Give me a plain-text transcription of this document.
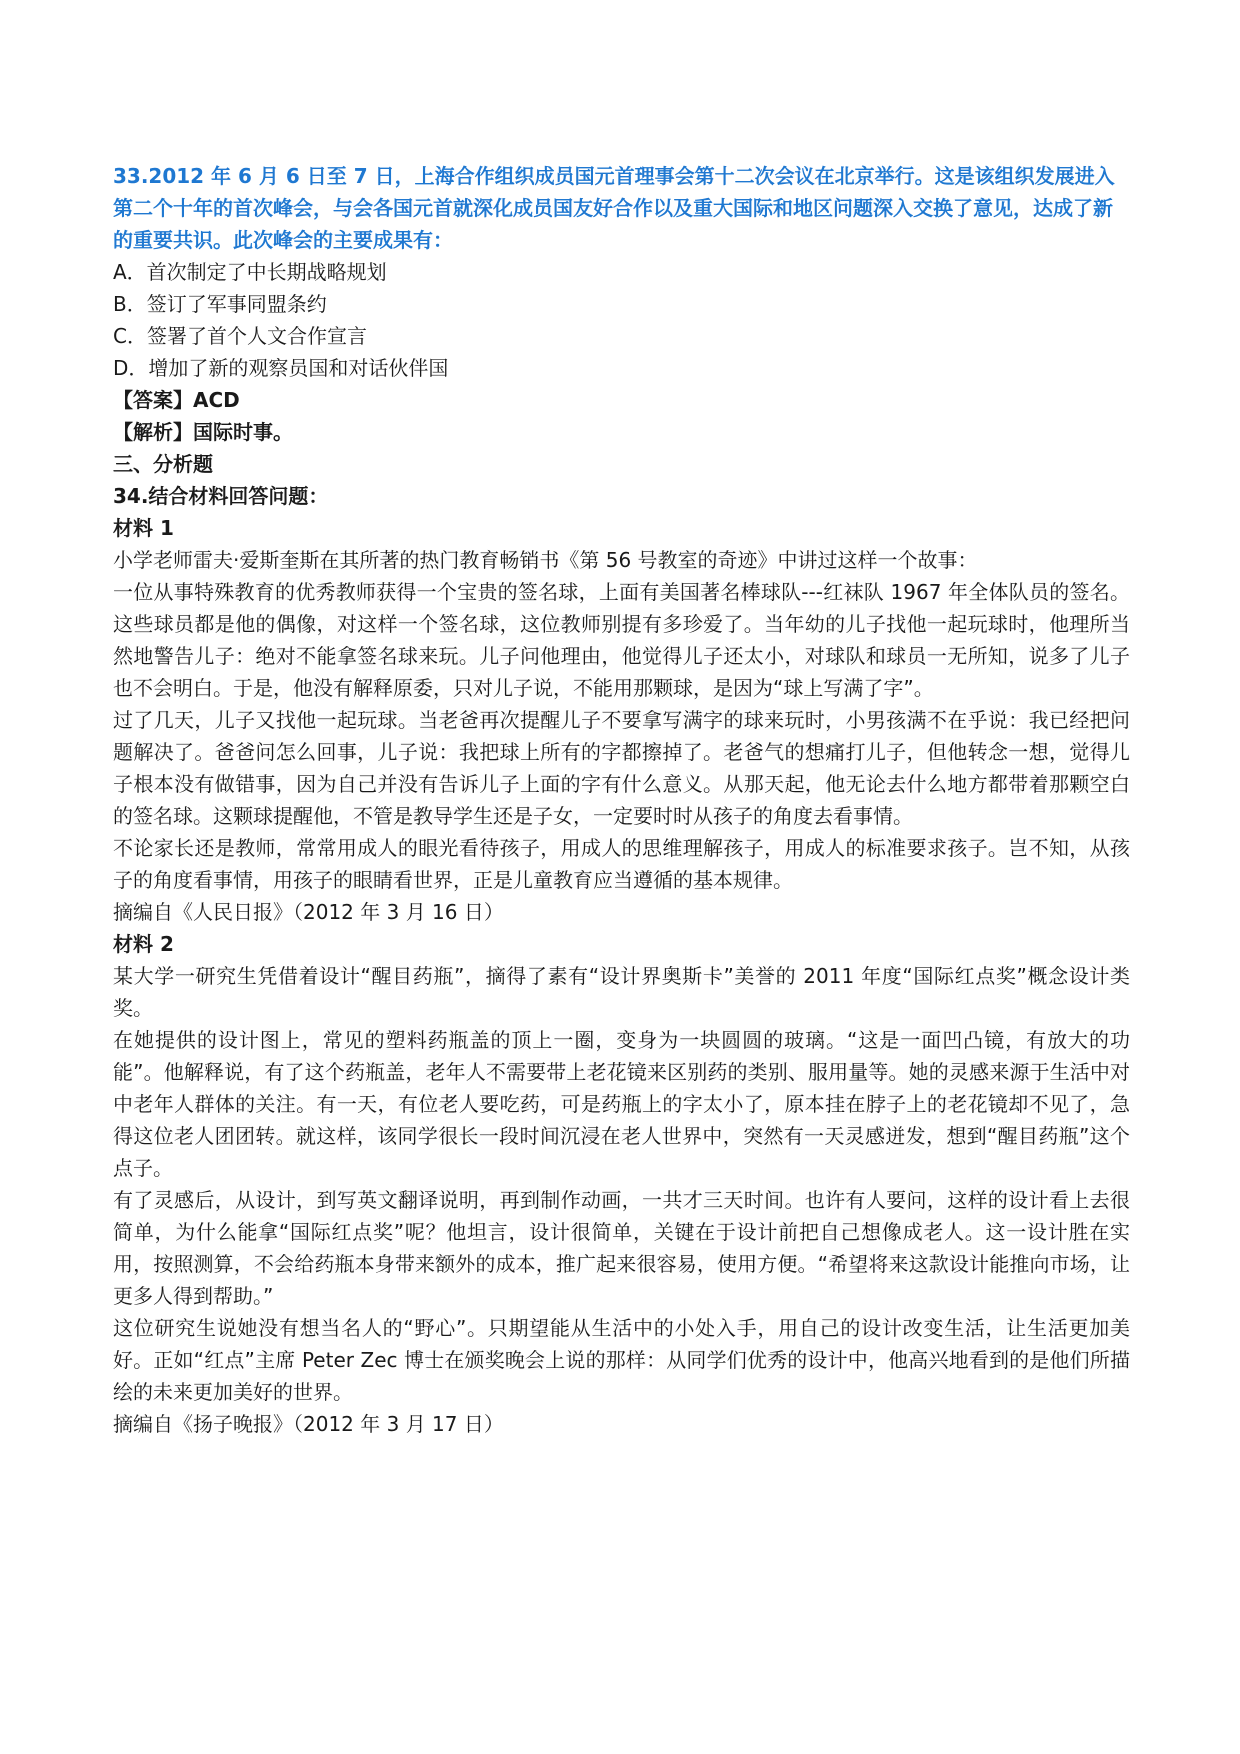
33.2012 年 6 月 6 日至 7 日，上海合作组织成员国元首理事会第十二次会议在北京举行。这是该组织发展进入第二个十年的首次峰会，与会各国元首就深化成员国友好合作以及重大国际和地区问题深入交换了意见，达成了新的重要共识。此次峰会的主要成果有：

A．首次制定了中长期战略规划

B．签订了军事同盟条约

C．签署了首个人文合作宣言

D．增加了新的观察员国和对话伙伴国

【答案】ACD

【解析】国际时事。

三、分析题

34.结合材料回答问题：

材料 1

小学老师雷夫·爱斯奎斯在其所著的热门教育畅销书《第 56 号教室的奇迹》中讲过这样一个故事：

一位从事特殊教育的优秀教师获得一个宝贵的签名球，上面有美国著名棒球队---红袜队 1967 年全体队员的签名。这些球员都是他的偶像，对这样一个签名球，这位教师别提有多珍爱了。当年幼的儿子找他一起玩球时，他理所当然地警告儿子：绝对不能拿签名球来玩。儿子问他理由，他觉得儿子还太小，对球队和球员一无所知，说多了儿子也不会明白。于是，他没有解释原委，只对儿子说，不能用那颗球，是因为“球上写满了字”。

过了几天，儿子又找他一起玩球。当老爸再次提醒儿子不要拿写满字的球来玩时，小男孩满不在乎说：我已经把问题解决了。爸爸问怎么回事，儿子说：我把球上所有的字都擦掉了。老爸气的想痛打儿子，但他转念一想，觉得儿子根本没有做错事，因为自己并没有告诉儿子上面的字有什么意义。从那天起，他无论去什么地方都带着那颗空白的签名球。这颗球提醒他，不管是教导学生还是子女，一定要时时从孩子的角度去看事情。

不论家长还是教师，常常用成人的眼光看待孩子，用成人的思维理解孩子，用成人的标准要求孩子。岂不知，从孩子的角度看事情，用孩子的眼睛看世界，正是儿童教育应当遵循的基本规律。

摘编自《人民日报》（2012 年 3 月 16 日）

材料 2

某大学一研究生凭借着设计“醒目药瓶”，摘得了素有“设计界奥斯卡”美誉的 2011 年度“国际红点奖”概念设计类奖。

在她提供的设计图上，常见的塑料药瓶盖的顶上一圈，变身为一块圆圆的玻璃。“这是一面凹凸镜，有放大的功能”。他解释说，有了这个药瓶盖，老年人不需要带上老花镜来区别药的类别、服用量等。她的灵感来源于生活中对中老年人群体的关注。有一天，有位老人要吃药，可是药瓶上的字太小了，原本挂在脖子上的老花镜却不见了，急得这位老人团团转。就这样，该同学很长一段时间沉浸在老人世界中，突然有一天灵感迸发，想到“醒目药瓶”这个点子。

有了灵感后，从设计，到写英文翻译说明，再到制作动画，一共才三天时间。也许有人要问，这样的设计看上去很简单，为什么能拿“国际红点奖”呢？他坦言，设计很简单，关键在于设计前把自己想像成老人。这一设计胜在实用，按照测算，不会给药瓶本身带来额外的成本，推广起来很容易，使用方便。“希望将来这款设计能推向市场，让更多人得到帮助。”

这位研究生说她没有想当名人的“野心”。只期望能从生活中的小处入手，用自己的设计改变生活，让生活更加美好。正如“红点”主席 Peter Zec 博士在颁奖晚会上说的那样：从同学们优秀的设计中，他高兴地看到的是他们所描绘的未来更加美好的世界。

摘编自《扬子晚报》（2012 年 3 月 17 日）
